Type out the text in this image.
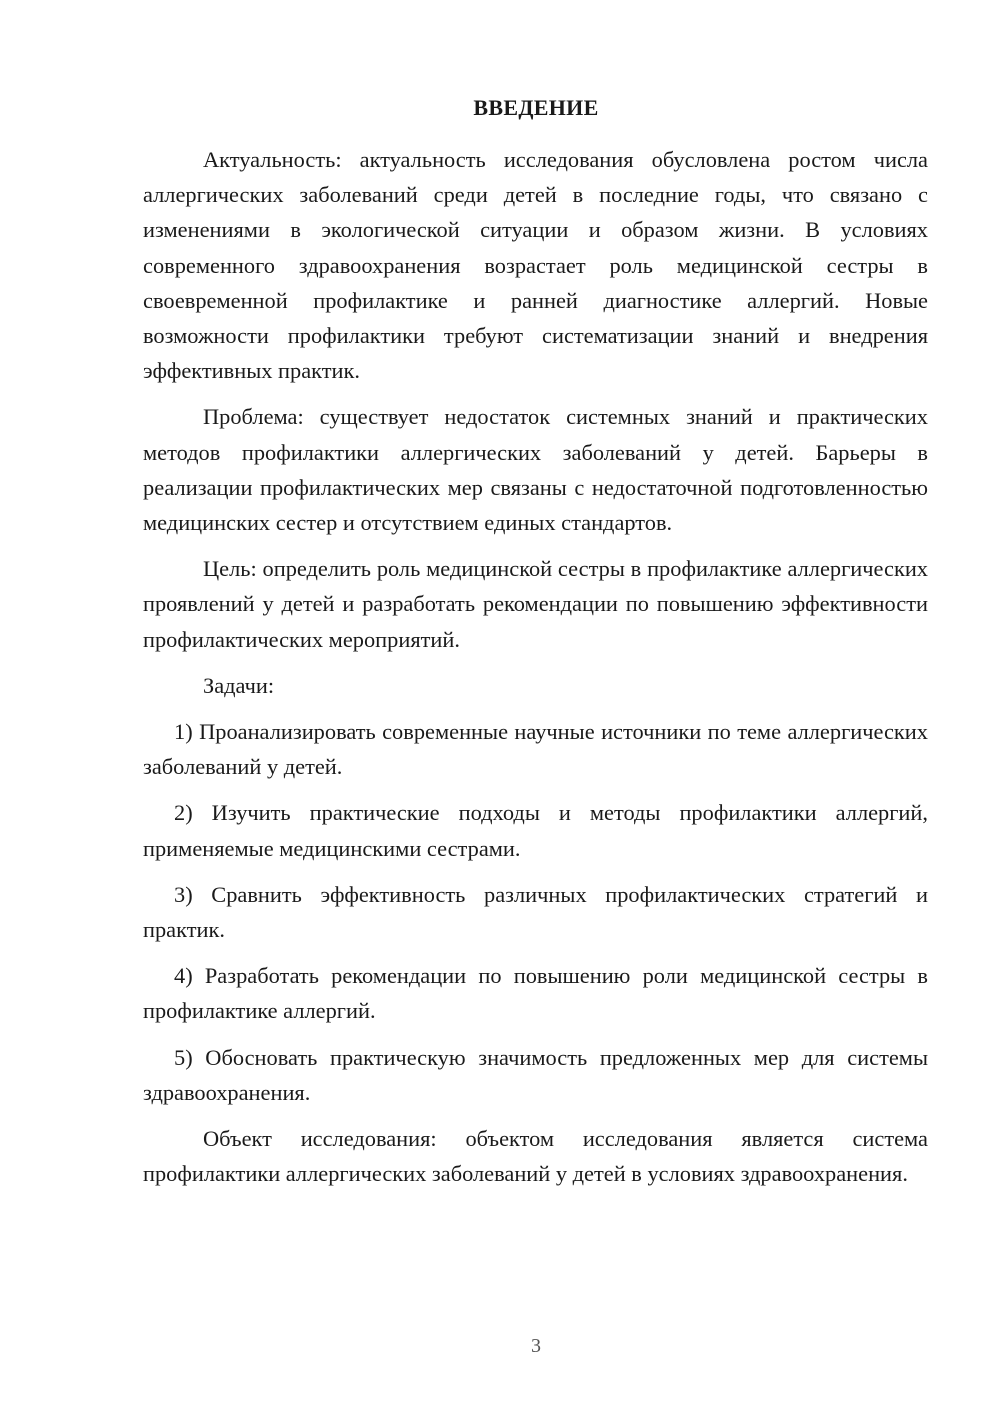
ВВЕДЕНИЕ

Актуальность: актуальность исследования обусловлена ростом числа аллергических заболеваний среди детей в последние годы, что связано с изменениями в экологической ситуации и образом жизни. В условиях современного здравоохранения возрастает роль медицинской сестры в своевременной профилактике и ранней диагностике аллергий. Новые возможности профилактики требуют систематизации знаний и внедрения эффективных практик.

Проблема: существует недостаток системных знаний и практических методов профилактики аллергических заболеваний у детей. Барьеры в реализации профилактических мер связаны с недостаточной подготовленностью медицинских сестер и отсутствием единых стандартов.

Цель: определить роль медицинской сестры в профилактике аллергических проявлений у детей и разработать рекомендации по повышению эффективности профилактических мероприятий.

Задачи:

1) Проанализировать современные научные источники по теме аллергических заболеваний у детей.

2) Изучить практические подходы и методы профилактики аллергий, применяемые медицинскими сестрами.

3) Сравнить эффективность различных профилактических стратегий и практик.

4) Разработать рекомендации по повышению роли медицинской сестры в профилактике аллергий.

5) Обосновать практическую значимость предложенных мер для системы здравоохранения.

Объект исследования: объектом исследования является система профилактики аллергических заболеваний у детей в условиях здравоохранения.

3
